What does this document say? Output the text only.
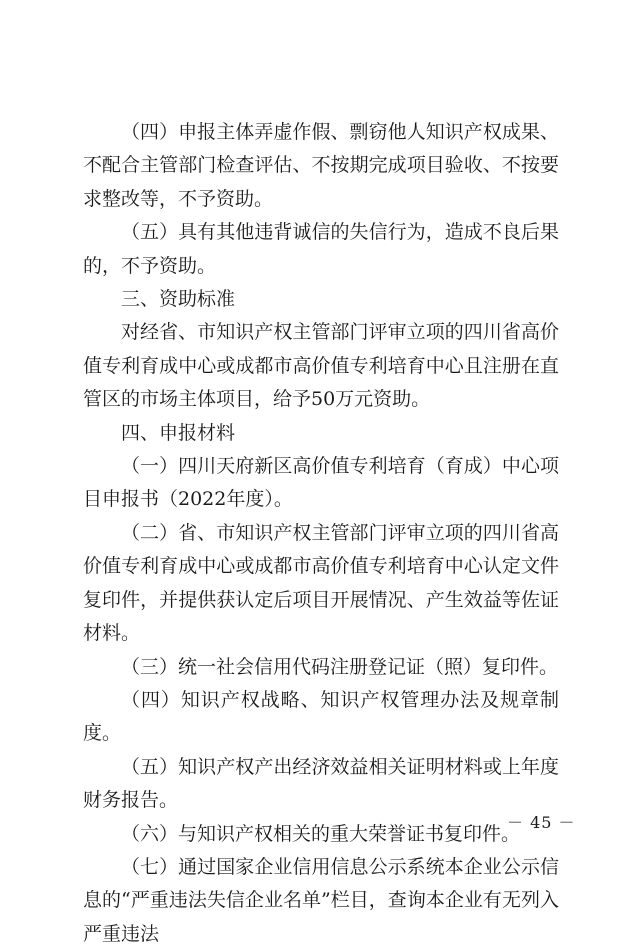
（四）申报主体弄虚作假、剽窃他人知识产权成果、不配合主管部门检查评估、不按期完成项目验收、不按要求整改等，不予资助。

（五）具有其他违背诚信的失信行为，造成不良后果的，不予资助。

三、资助标准

对经省、市知识产权主管部门评审立项的四川省高价值专利育成中心或成都市高价值专利培育中心且注册在直管区的市场主体项目，给予50万元资助。

四、申报材料

（一）四川天府新区高价值专利培育（育成）中心项目申报书（2022年度）。

（二）省、市知识产权主管部门评审立项的四川省高价值专利育成中心或成都市高价值专利培育中心认定文件复印件，并提供获认定后项目开展情况、产生效益等佐证材料。

（三）统一社会信用代码注册登记证（照）复印件。

（四）知识产权战略、知识产权管理办法及规章制度。

（五）知识产权产出经济效益相关证明材料或上年度财务报告。

（六）与知识产权相关的重大荣誉证书复印件。

（七）通过国家企业信用信息公示系统本企业公示信息的“严重违法失信企业名单”栏目，查询本企业有无列入严重违法

－ 45 －
